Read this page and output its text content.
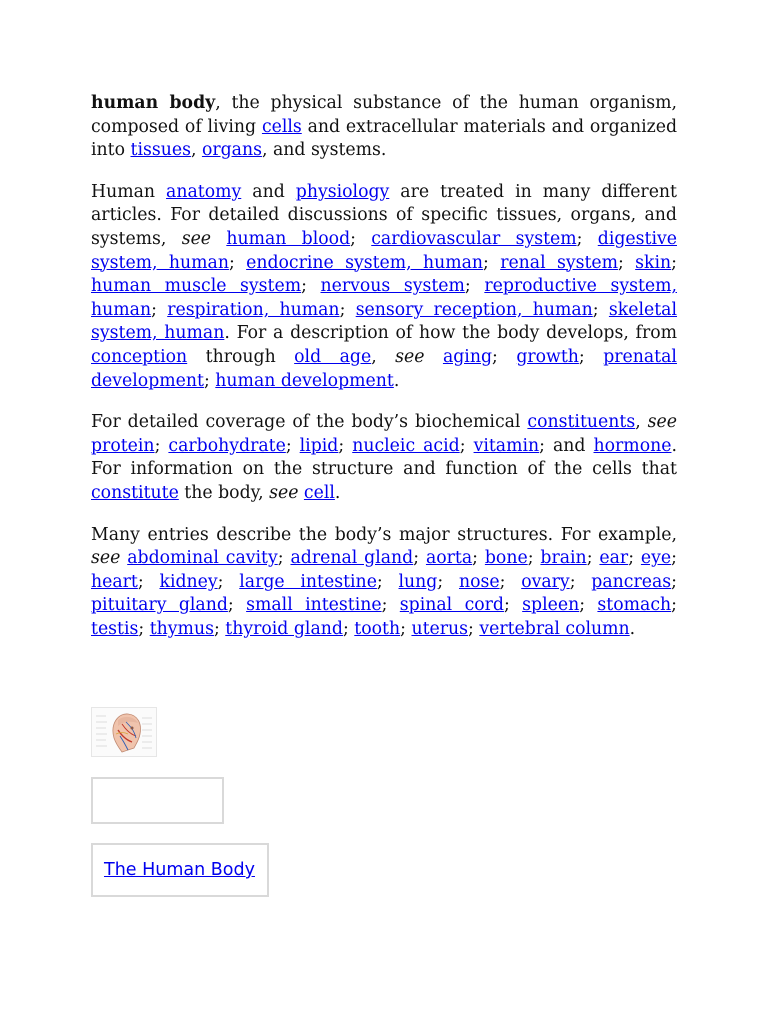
human body, the physical substance of the human organism, composed of living cells and extracellular materials and organized into tissues, organs, and systems.

Human anatomy and physiology are treated in many different articles. For detailed discussions of specific tissues, organs, and systems, see human blood; cardiovascular system; digestive system, human; endocrine system, human; renal system; skin; human muscle system; nervous system; reproductive system, human; respiration, human; sensory reception, human; skeletal system, human. For a description of how the body develops, from conception through old age, see aging; growth; prenatal development; human development.

For detailed coverage of the body’s biochemical constituents, see protein; carbohydrate; lipid; nucleic acid; vitamin; and hormone. For information on the structure and function of the cells that constitute the body, see cell.

Many entries describe the body’s major structures. For example, see abdominal cavity; adrenal gland; aorta; bone; brain; ear; eye; heart; kidney; large intestine; lung; nose; ovary; pancreas; pituitary gland; small intestine; spinal cord; spleen; stomach; testis; thymus; thyroid gland; tooth; uterus; vertebral column.

The Human Body
